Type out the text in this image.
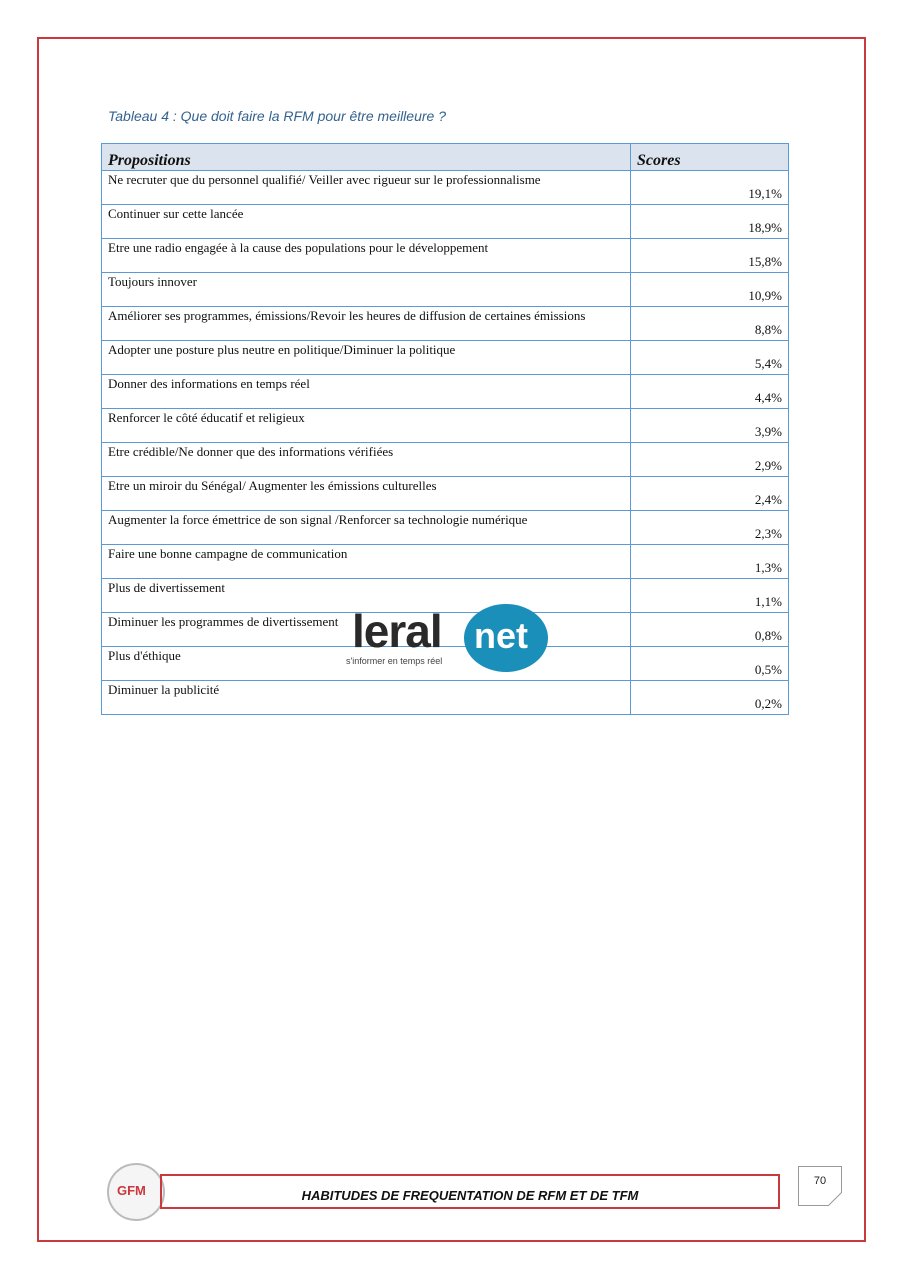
Tableau 4 : Que doit faire la RFM pour être meilleure ?
Propositions	Scores
Ne recruter que du personnel qualifié/ Veiller avec rigueur sur le professionnalisme	19,1%
Continuer sur cette lancée	18,9%
Etre une radio engagée à la cause des populations pour le développement	15,8%
Toujours innover	10,9%
Améliorer ses programmes, émissions/Revoir les heures de diffusion de certaines émissions	8,8%
Adopter une posture plus neutre en politique/Diminuer la politique	5,4%
Donner des informations en temps réel	4,4%
Renforcer le côté éducatif et religieux	3,9%
Etre crédible/Ne donner que des informations vérifiées	2,9%
Etre un miroir du Sénégal/ Augmenter les émissions culturelles	2,4%
Augmenter la force émettrice de son signal /Renforcer sa technologie numérique	2,3%
Faire une bonne campagne de communication	1,3%
Plus de divertissement	1,1%
Diminuer les programmes de divertissement	0,8%
Plus d'éthique	0,5%
Diminuer la publicité	0,2%
leral net
s'informer en temps réel
GFM	HABITUDES DE FREQUENTATION DE RFM ET DE TFM
70
